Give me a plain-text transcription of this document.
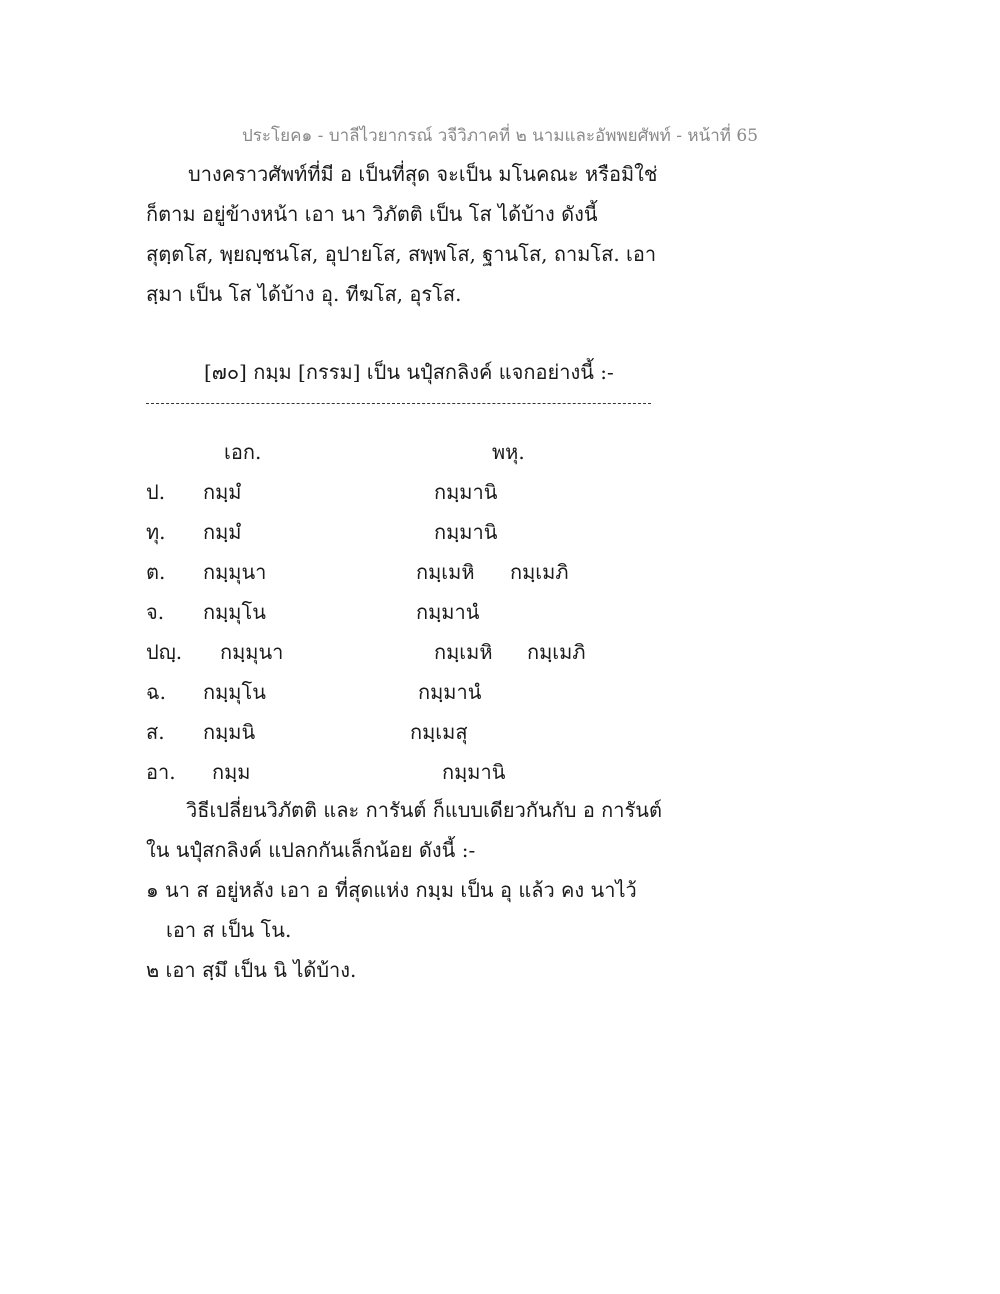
ประโยค๑ - บาลีไวยากรณ์ วจีวิภาคที่ ๒ นามและอัพพยศัพท์ - หน้าที่ 65
บางคราวศัพท์ที่มี อ เป็นที่สุด จะเป็น มโนคณะ หรือมิใช่
ก็ตาม อยู่ข้างหน้า เอา นา วิภัตติ เป็น โส ได้บ้าง ดังนี้
สุตฺตโส, พฺยญฺชนโส, อุปายโส, สพฺพโส, ฐานโส, ถามโส. เอา
สฺมา เป็น โส ได้บ้าง อุ. ทีฆโส, อุรโส.
[๗๐] กมฺม [กรรม] เป็น นปุํสกลิงค์ แจกอย่างนี้ :-
เอก.	พหุ.
ป. กมฺมํ	กมฺมานิ
ทุ. กมฺมํ	กมฺมานิ
ต. กมฺมุนา	กมฺเมหิ กมฺเมภิ
จ. กมฺมุโน	กมฺมานํ
ปญฺ. กมฺมุนา	กมฺเมหิ กมฺเมภิ
ฉ. กมฺมุโน	กมฺมานํ
ส. กมฺมนิ	กมฺเมสุ
อา. กมฺม	กมฺมานิ
วิธีเปลี่ยนวิภัตติ และ การันต์ ก็แบบเดียวกันกับ อ การันต์
ใน นปุํสกลิงค์ แปลกกันเล็กน้อย ดังนี้ :-
๑ นา ส อยู่หลัง เอา อ ที่สุดแห่ง กมฺม เป็น อุ แล้ว คง นาไว้
เอา ส เป็น โน.
๒ เอา สฺมึ เป็น นิ ได้บ้าง.
